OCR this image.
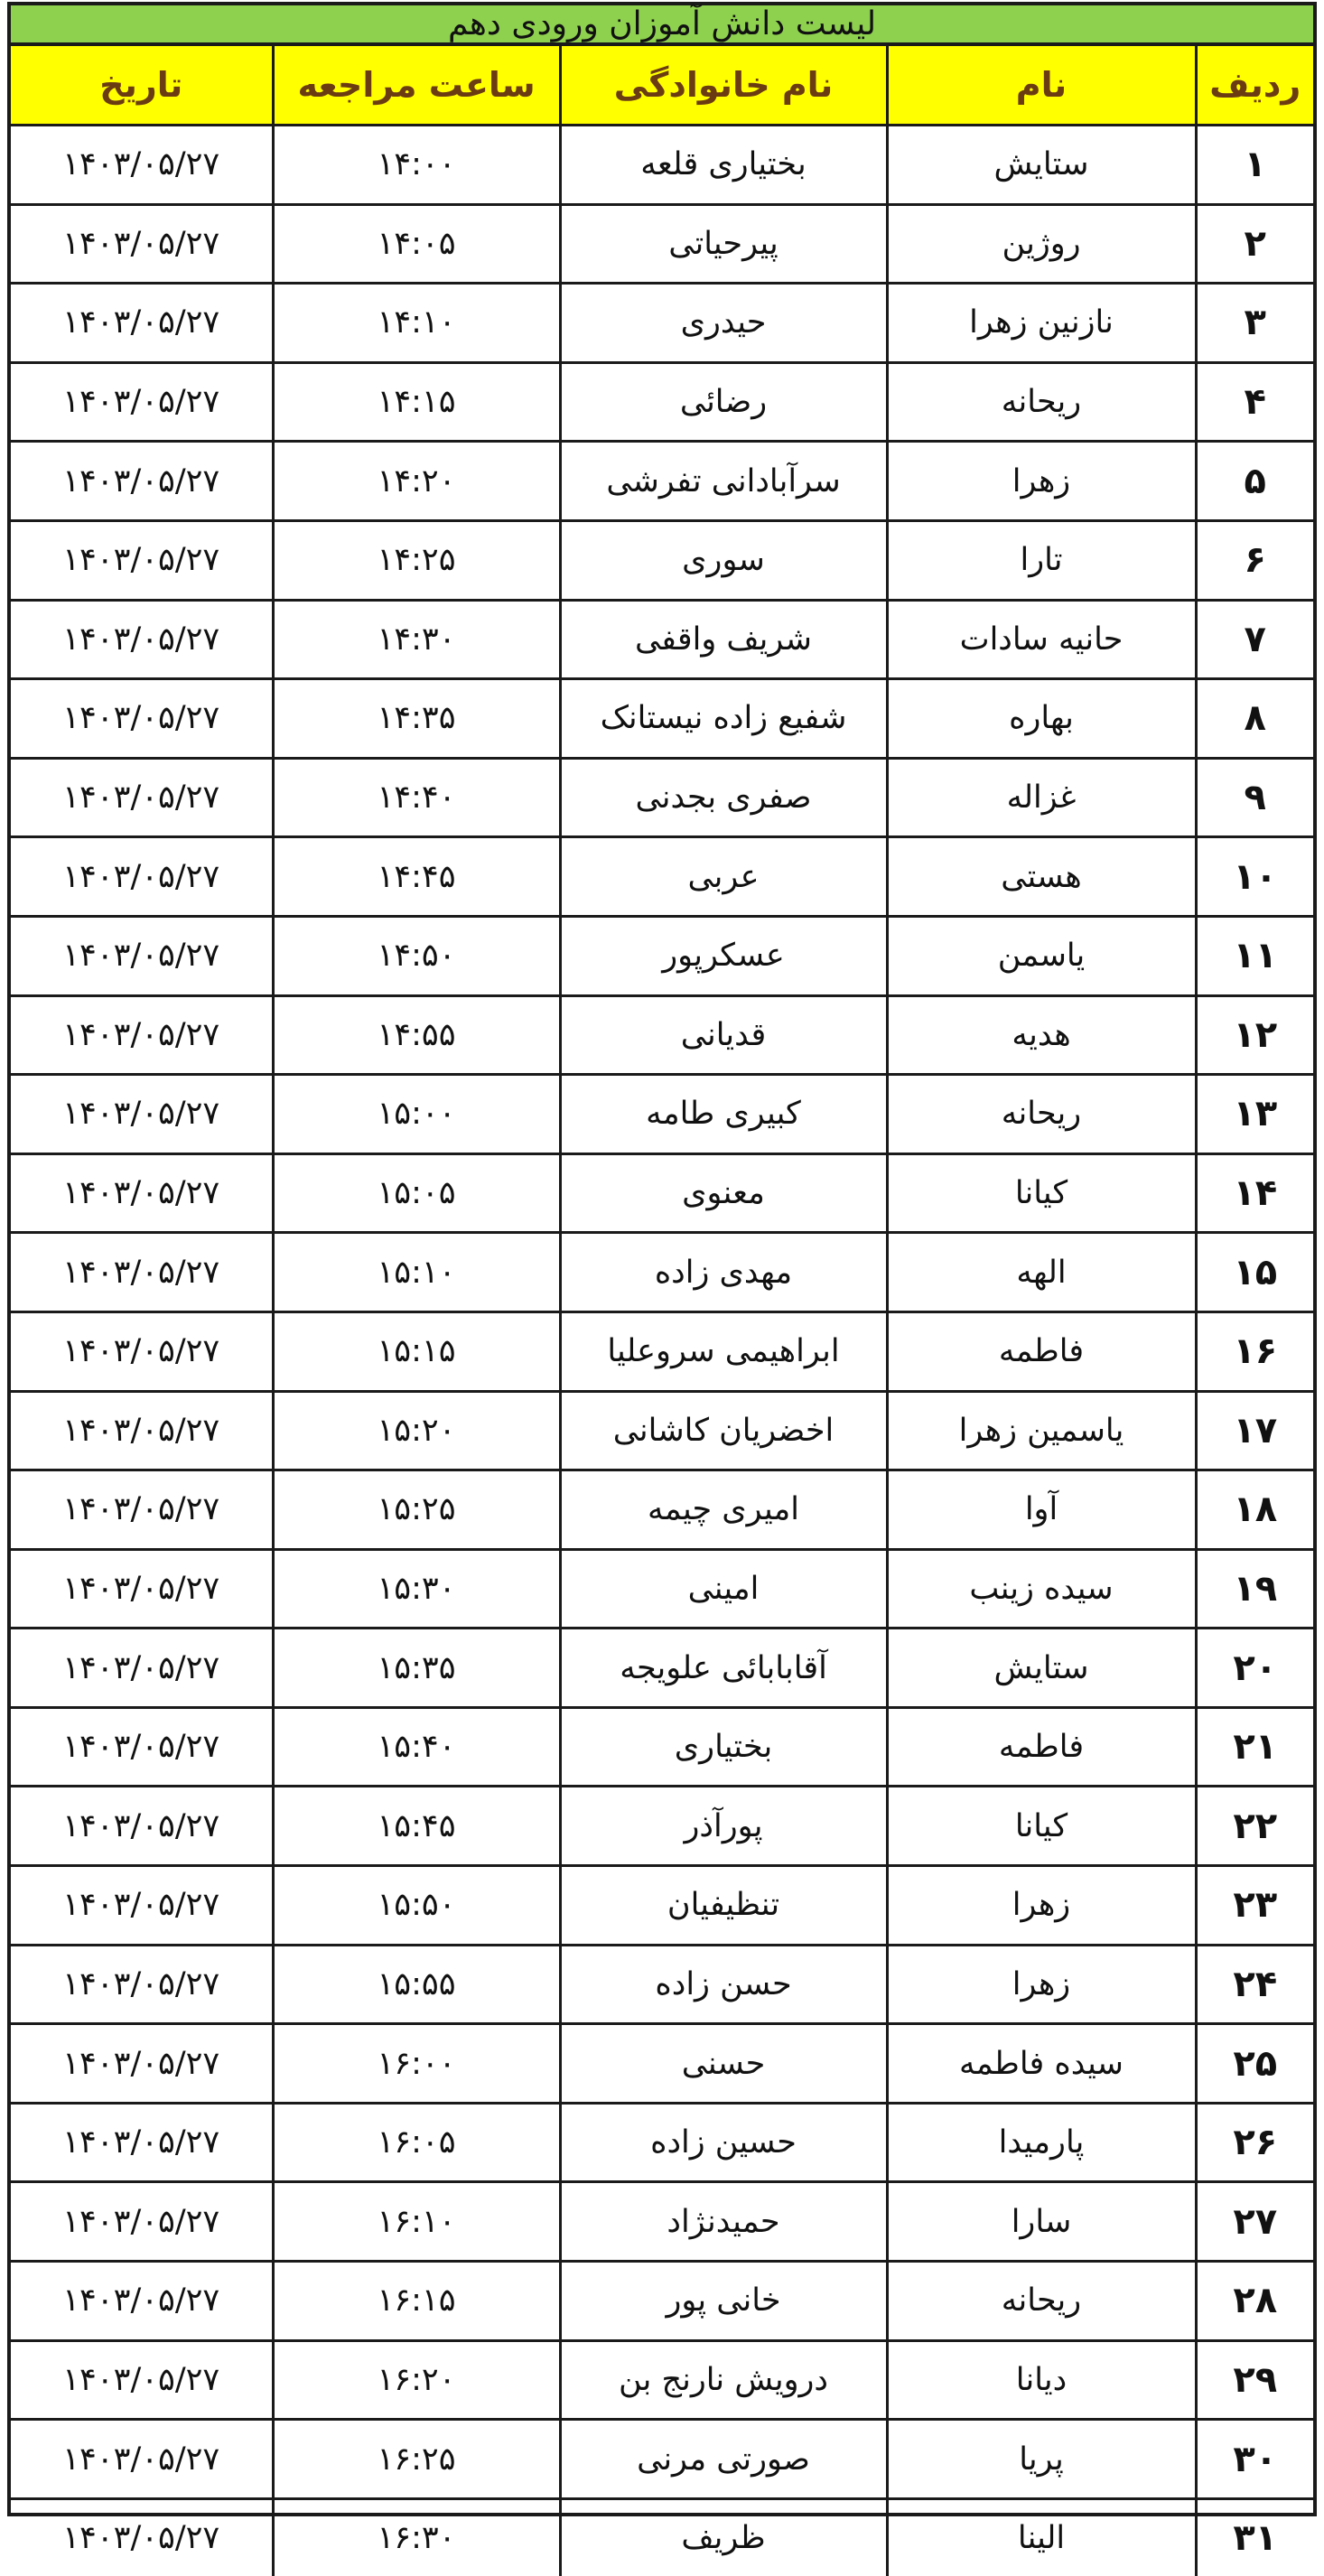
لیست دانش آموزان ورودی دهم
ردیف	نام	نام خانوادگی	ساعت مراجعه	تاریخ
۱	ستایش	بختیاری قلعه	۱۴:۰۰	۱۴۰۳/۰۵/۲۷
۲	روژین	پیرحیاتی	۱۴:۰۵	۱۴۰۳/۰۵/۲۷
۳	نازنین زهرا	حیدری	۱۴:۱۰	۱۴۰۳/۰۵/۲۷
۴	ریحانه	رضائی	۱۴:۱۵	۱۴۰۳/۰۵/۲۷
۵	زهرا	سرآبادانی تفرشی	۱۴:۲۰	۱۴۰۳/۰۵/۲۷
۶	تارا	سوری	۱۴:۲۵	۱۴۰۳/۰۵/۲۷
۷	حانیه سادات	شریف واقفی	۱۴:۳۰	۱۴۰۳/۰۵/۲۷
۸	بهاره	شفیع زاده نیستانک	۱۴:۳۵	۱۴۰۳/۰۵/۲۷
۹	غزاله	صفری بجدنی	۱۴:۴۰	۱۴۰۳/۰۵/۲۷
۱۰	هستی	عربی	۱۴:۴۵	۱۴۰۳/۰۵/۲۷
۱۱	یاسمن	عسکرپور	۱۴:۵۰	۱۴۰۳/۰۵/۲۷
۱۲	هدیه	قدیانی	۱۴:۵۵	۱۴۰۳/۰۵/۲۷
۱۳	ریحانه	کبیری طامه	۱۵:۰۰	۱۴۰۳/۰۵/۲۷
۱۴	کیانا	معنوی	۱۵:۰۵	۱۴۰۳/۰۵/۲۷
۱۵	الهه	مهدی زاده	۱۵:۱۰	۱۴۰۳/۰۵/۲۷
۱۶	فاطمه	ابراهیمی سروعلیا	۱۵:۱۵	۱۴۰۳/۰۵/۲۷
۱۷	یاسمین زهرا	اخضریان کاشانی	۱۵:۲۰	۱۴۰۳/۰۵/۲۷
۱۸	آوا	امیری چیمه	۱۵:۲۵	۱۴۰۳/۰۵/۲۷
۱۹	سیده زینب	امینی	۱۵:۳۰	۱۴۰۳/۰۵/۲۷
۲۰	ستایش	آقابابائی علویجه	۱۵:۳۵	۱۴۰۳/۰۵/۲۷
۲۱	فاطمه	بختیاری	۱۵:۴۰	۱۴۰۳/۰۵/۲۷
۲۲	کیانا	پورآذر	۱۵:۴۵	۱۴۰۳/۰۵/۲۷
۲۳	زهرا	تنظیفیان	۱۵:۵۰	۱۴۰۳/۰۵/۲۷
۲۴	زهرا	حسن زاده	۱۵:۵۵	۱۴۰۳/۰۵/۲۷
۲۵	سیده فاطمه	حسنی	۱۶:۰۰	۱۴۰۳/۰۵/۲۷
۲۶	پارمیدا	حسین زاده	۱۶:۰۵	۱۴۰۳/۰۵/۲۷
۲۷	سارا	حمیدنژاد	۱۶:۱۰	۱۴۰۳/۰۵/۲۷
۲۸	ریحانه	خانی پور	۱۶:۱۵	۱۴۰۳/۰۵/۲۷
۲۹	دیانا	درویش نارنج بن	۱۶:۲۰	۱۴۰۳/۰۵/۲۷
۳۰	پریا	صورتی مرنی	۱۶:۲۵	۱۴۰۳/۰۵/۲۷
۳۱	الینا	ظریف	۱۶:۳۰	۱۴۰۳/۰۵/۲۷
